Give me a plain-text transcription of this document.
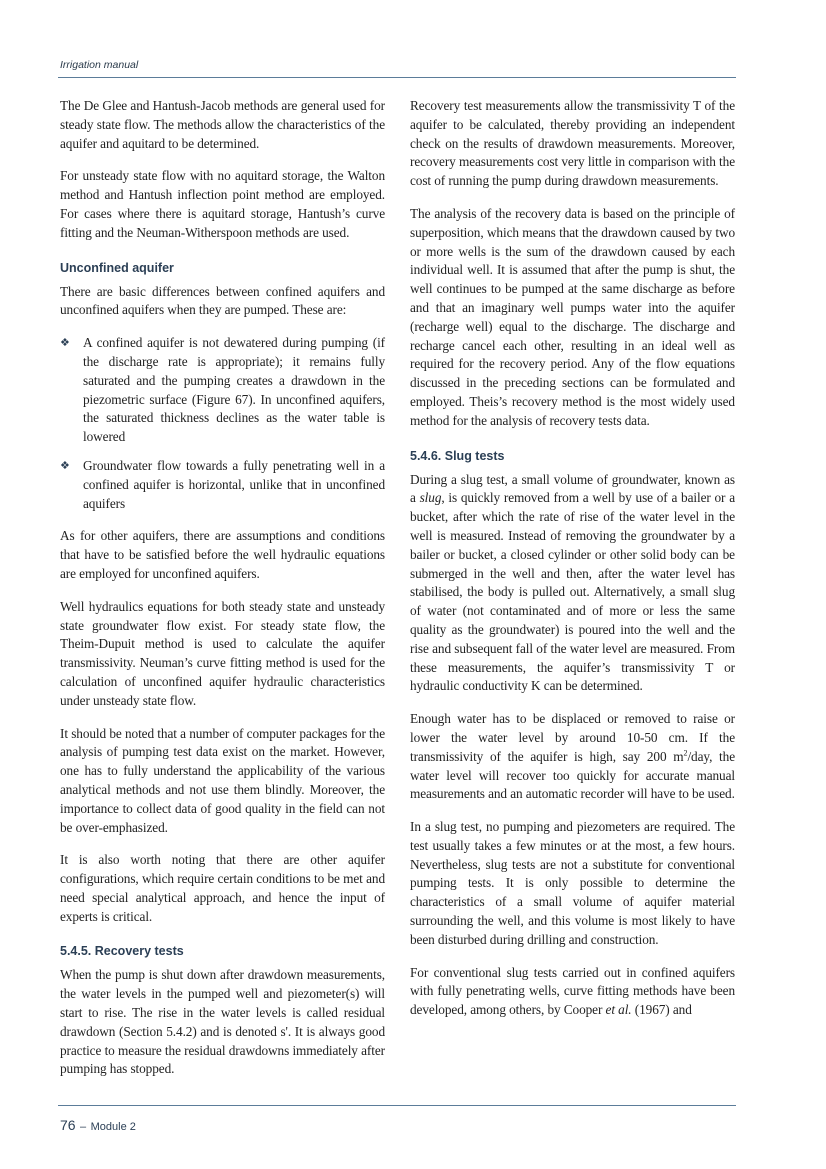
Irrigation manual

The De Glee and Hantush-Jacob methods are general used for steady state flow. The methods allow the characteristics of the aquifer and aquitard to be determined.

For unsteady state flow with no aquitard storage, the Walton method and Hantush inflection point method are employed. For cases where there is aquitard storage, Hantush’s curve fitting and the Neuman-Witherspoon methods are used.

Unconfined aquifer

There are basic differences between confined aquifers and unconfined aquifers when they are pumped. These are:

❖ A confined aquifer is not dewatered during pumping (if the discharge rate is appropriate); it remains fully saturated and the pumping creates a drawdown in the piezometric surface (Figure 67). In unconfined aquifers, the saturated thickness declines as the water table is lowered
❖ Groundwater flow towards a fully penetrating well in a confined aquifer is horizontal, unlike that in unconfined aquifers

As for other aquifers, there are assumptions and conditions that have to be satisfied before the well hydraulic equations are employed for unconfined aquifers.

Well hydraulics equations for both steady state and unsteady state groundwater flow exist. For steady state flow, the Theim-Dupuit method is used to calculate the aquifer transmissivity. Neuman’s curve fitting method is used for the calculation of unconfined aquifer hydraulic characteristics under unsteady state flow.

It should be noted that a number of computer packages for the analysis of pumping test data exist on the market. However, one has to fully understand the applicability of the various analytical methods and not use them blindly. Moreover, the importance to collect data of good quality in the field can not be over-emphasized.

It is also worth noting that there are other aquifer configurations, which require certain conditions to be met and need special analytical approach, and hence the input of experts is critical.

5.4.5. Recovery tests

When the pump is shut down after drawdown measurements, the water levels in the pumped well and piezometer(s) will start to rise. The rise in the water levels is called residual drawdown (Section 5.4.2) and is denoted s'. It is always good practice to measure the residual drawdowns immediately after pumping has stopped.

Recovery test measurements allow the transmissivity T of the aquifer to be calculated, thereby providing an independent check on the results of drawdown measurements. Moreover, recovery measurements cost very little in comparison with the cost of running the pump during drawdown measurements.

The analysis of the recovery data is based on the principle of superposition, which means that the drawdown caused by two or more wells is the sum of the drawdown caused by each individual well. It is assumed that after the pump is shut, the well continues to be pumped at the same discharge as before and that an imaginary well pumps water into the aquifer (recharge well) equal to the discharge. The discharge and recharge cancel each other, resulting in an ideal well as required for the recovery period. Any of the flow equations discussed in the preceding sections can be formulated and employed. Theis’s recovery method is the most widely used method for the analysis of recovery tests data.

5.4.6. Slug tests

During a slug test, a small volume of groundwater, known as a slug, is quickly removed from a well by use of a bailer or a bucket, after which the rate of rise of the water level in the well is measured. Instead of removing the groundwater by a bailer or bucket, a closed cylinder or other solid body can be submerged in the well and then, after the water level has stabilised, the body is pulled out. Alternatively, a small slug of water (not contaminated and of more or less the same quality as the groundwater) is poured into the well and the rise and subsequent fall of the water level are measured. From these measurements, the aquifer’s transmissivity T or hydraulic conductivity K can be determined.

Enough water has to be displaced or removed to raise or lower the water level by around 10-50 cm. If the transmissivity of the aquifer is high, say 200 $m^2$/day, the water level will recover too quickly for accurate manual measurements and an automatic recorder will have to be used.

In a slug test, no pumping and piezometers are required. The test usually takes a few minutes or at the most, a few hours. Nevertheless, slug tests are not a substitute for conventional pumping tests. It is only possible to determine the characteristics of a small volume of aquifer material surrounding the well, and this volume is most likely to have been disturbed during drilling and construction.

For conventional slug tests carried out in confined aquifers with fully penetrating wells, curve fitting methods have been developed, among others, by Cooper et al. (1967) and

76 – Module 2
